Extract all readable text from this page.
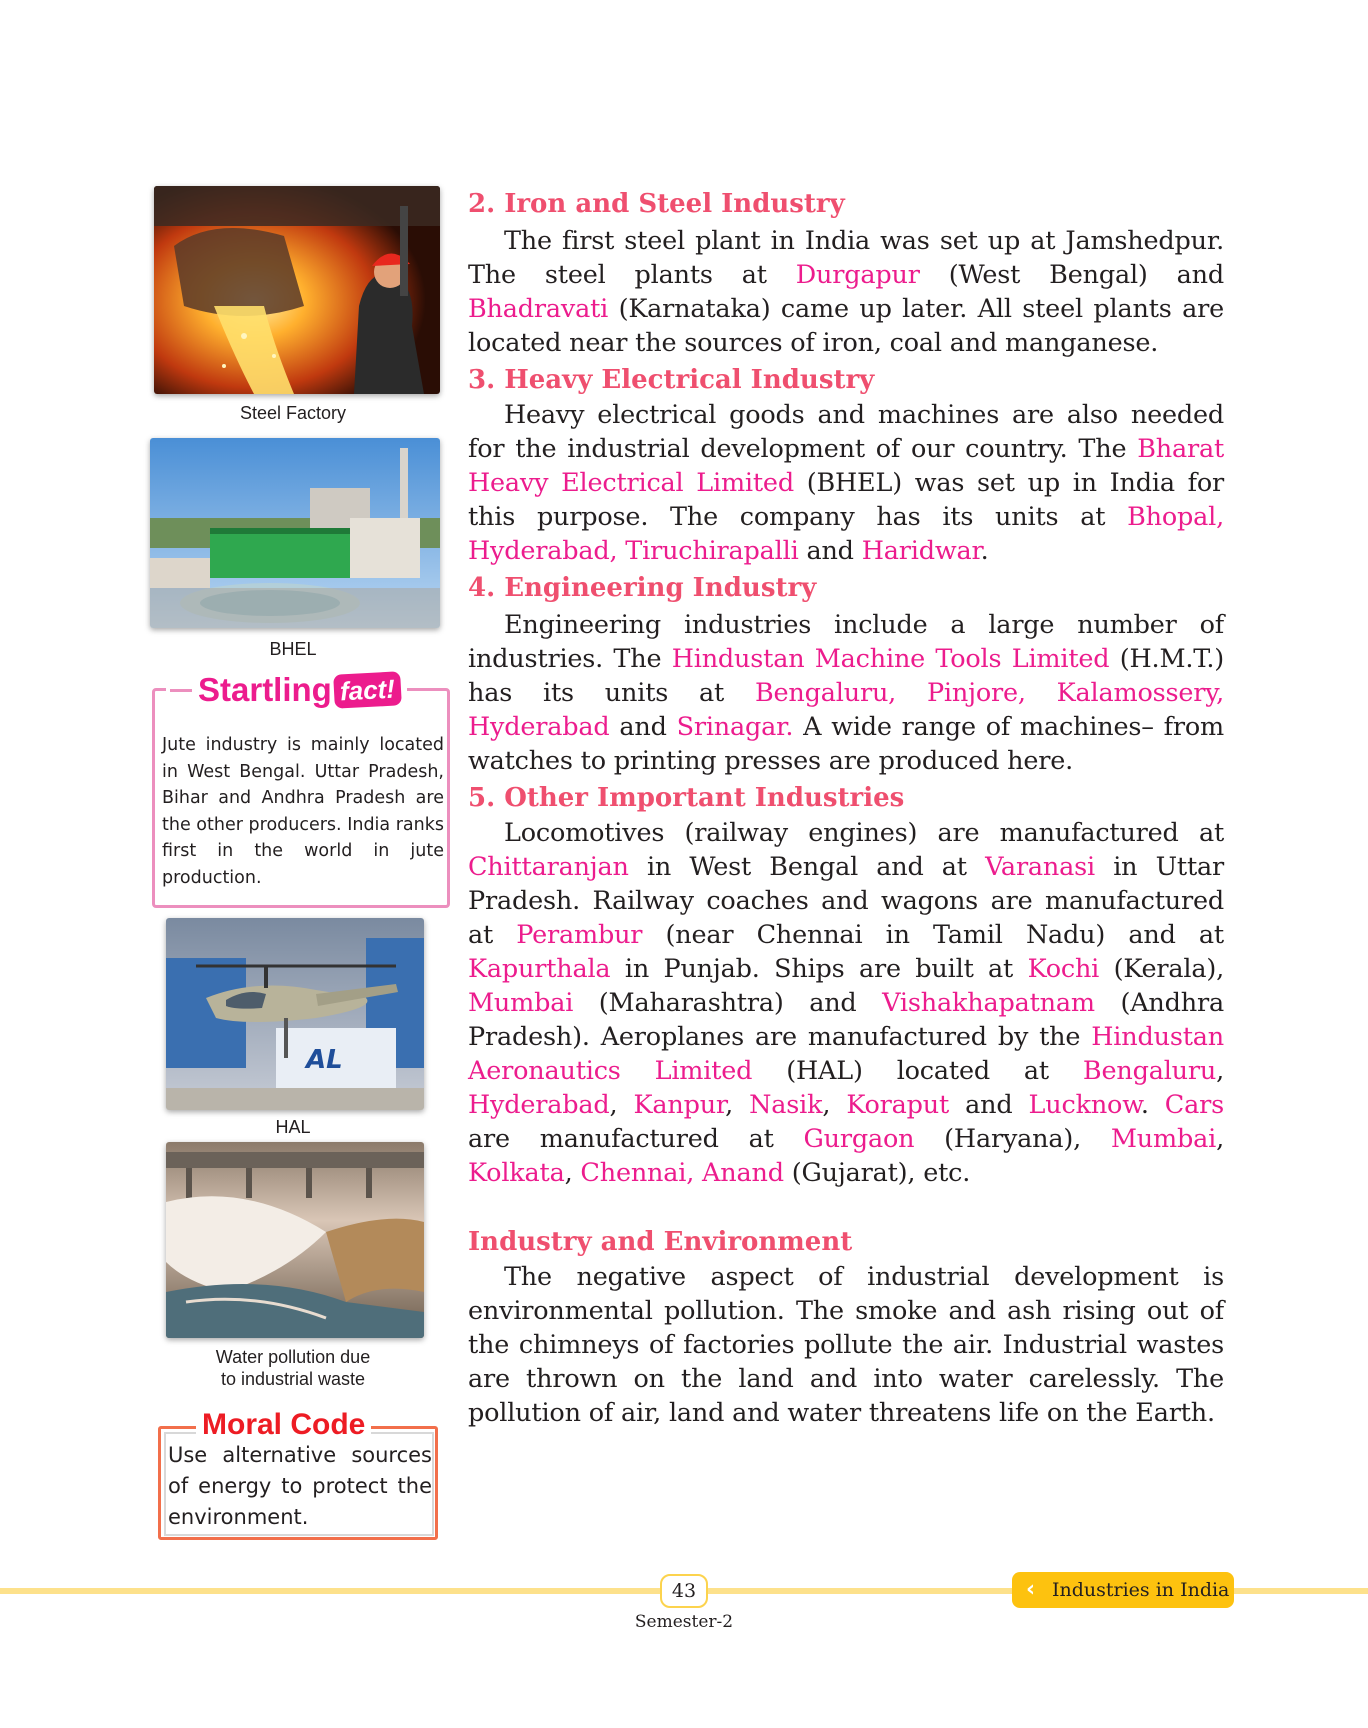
Steel Factory
BHEL
Startling fact!
Jute industry is mainly located in West Bengal. Uttar Pradesh, Bihar and Andhra Pradesh are the other producers. India ranks first in the world in jute production.
AL
HAL
Water pollution due
to industrial waste
Moral Code
Use alternative sources of energy to protect the environment.
2. Iron and Steel Industry

The first steel plant in India was set up at Jamshedpur. The steel plants at Durgapur (West Bengal) and Bhadravati (Karnataka) came up later. All steel plants are located near the sources of iron, coal and manganese.

3. Heavy Electrical Industry

Heavy electrical goods and machines are also needed for the industrial development of our country. The Bharat Heavy Electrical Limited (BHEL) was set up in India for this purpose. The company has its units at Bhopal, Hyderabad, Tiruchirapalli and Haridwar.

4. Engineering Industry

Engineering industries include a large number of industries. The Hindustan Machine Tools Limited (H.M.T.) has its units at Bengaluru, Pinjore, Kalamossery, Hyderabad and Srinagar. A wide range of machines– from watches to printing presses are produced here.

5. Other Important Industries

Locomotives (railway engines) are manufactured at Chittaranjan in West Bengal and at Varanasi in Uttar Pradesh. Railway coaches and wagons are manufactured at Perambur (near Chennai in Tamil Nadu) and at Kapurthala in Punjab. Ships are built at Kochi (Kerala), Mumbai (Maharashtra) and Vishakhapatnam (Andhra Pradesh). Aeroplanes are manufactured by the Hindustan Aeronautics Limited (HAL) located at Bengaluru, Hyderabad, Kanpur, Nasik, Koraput and Lucknow. Cars are manufactured at Gurgaon (Haryana), Mumbai, Kolkata, Chennai, Anand (Gujarat), etc.

Industry and Environment

The negative aspect of industrial development is environmental pollution. The smoke and ash rising out of the chimneys of factories pollute the air. Industrial wastes are thrown on the land and into water carelessly. The pollution of air, land and water threatens life on the Earth.

43	‹ Industries in India
Semester-2
